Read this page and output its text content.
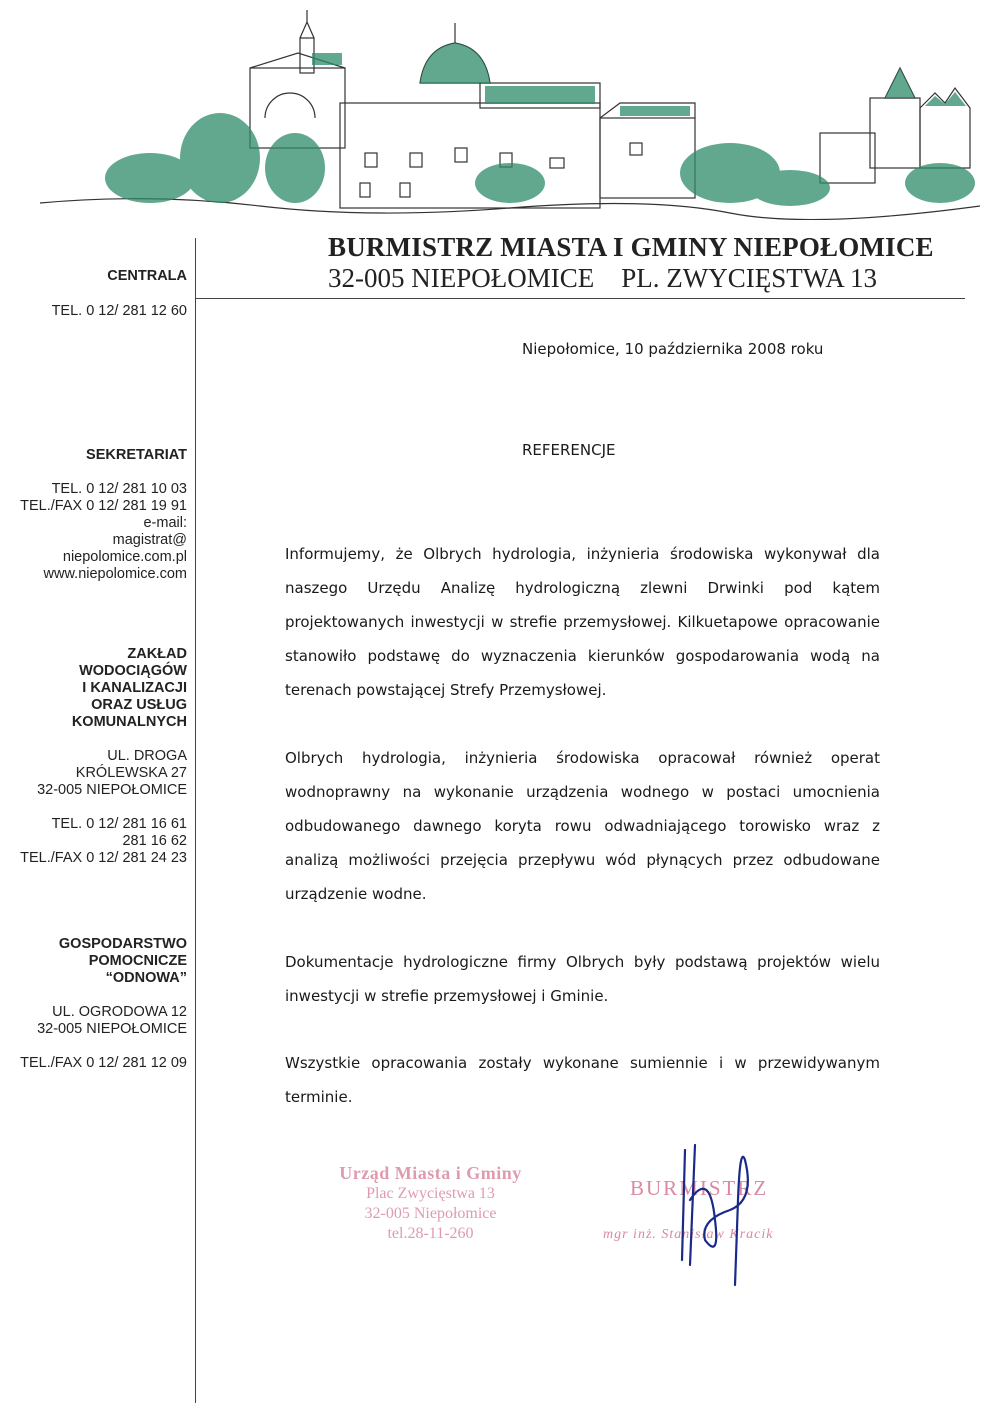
BURMISTRZ MIASTA I GMINY NIEPOŁOMICE
32-005 NIEPOŁOMICE    PL. ZWYCIĘSTWA 13
CENTRALA
TEL. 0 12/ 281 12 60
SEKRETARIAT
TEL. 0 12/ 281 10 03
TEL./FAX 0 12/ 281 19 91
e-mail:
magistrat@
niepolomice.com.pl
www.niepolomice.com
ZAKŁAD
WODOCIĄGÓW
I KANALIZACJI
ORAZ USŁUG
KOMUNALNYCH
UL. DROGA
KRÓLEWSKA 27
32-005 NIEPOŁOMICE
TEL. 0 12/ 281 16 61
281 16 62
TEL./FAX 0 12/ 281 24 23
GOSPODARSTWO
POMOCNICZE
“ODNOWA”
UL. OGRODOWA 12
32-005 NIEPOŁOMICE
TEL./FAX 0 12/ 281 12 09
Niepołomice, 10 października 2008 roku
REFERENCJE
Informujemy, że Olbrych hydrologia, inżynieria środowiska wykonywał dla naszego Urzędu Analizę hydrologiczną zlewni Drwinki pod kątem projektowanych inwestycji w strefie przemysłowej. Kilkuetapowe opracowanie stanowiło podstawę do wyznaczenia kierunków gospodarowania wodą na terenach powstającej Strefy Przemysłowej.
Olbrych hydrologia, inżynieria środowiska opracował również operat wodnoprawny na wykonanie urządzenia wodnego w postaci umocnienia odbudowanego dawnego koryta rowu odwadniającego torowisko wraz z analizą możliwości przejęcia przepływu wód płynących przez odbudowane urządzenie wodne.
Dokumentacje hydrologiczne firmy Olbrych były podstawą projektów wielu inwestycji w strefie przemysłowej i Gminie.
Wszystkie opracowania zostały wykonane sumiennie i w przewidywanym terminie.
Urząd Miasta i Gminy
Plac Zwycięstwa 13
32-005 Niepołomice
tel.28-11-260
BURMISTRZ
mgr inż. Stanisław Kracik
